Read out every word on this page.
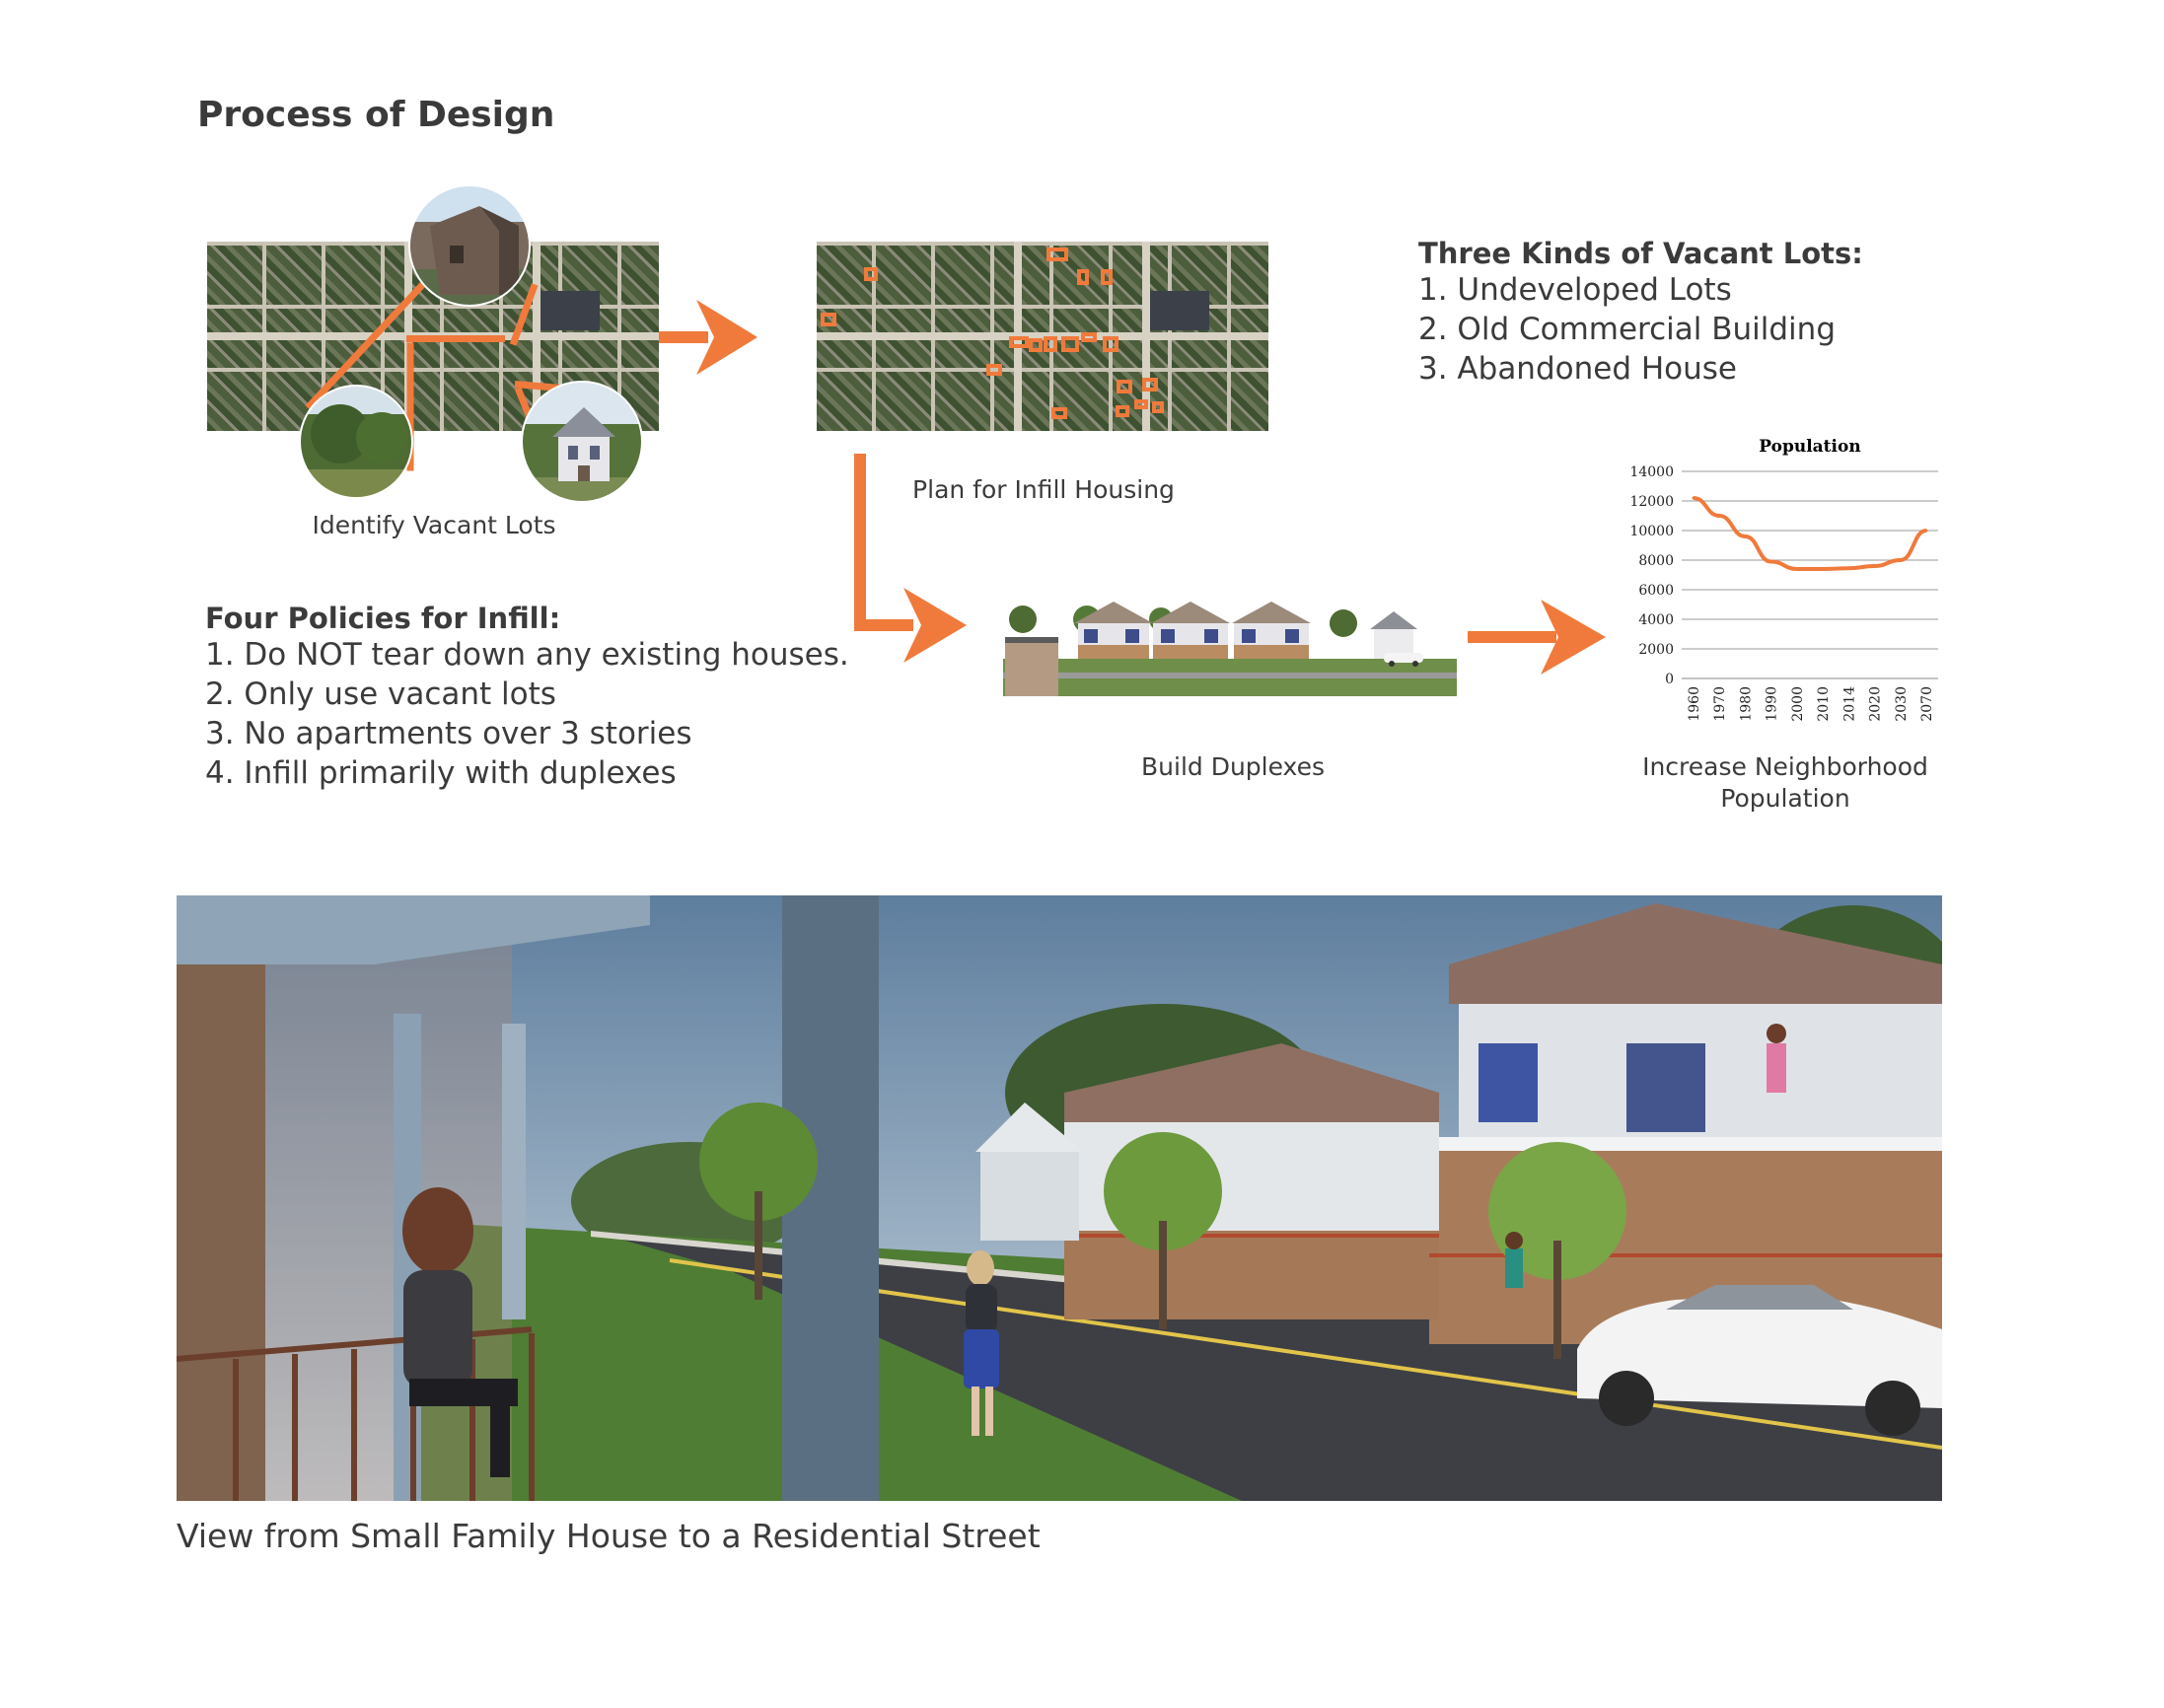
Process of Design
Identify Vacant Lots
Plan for Infill Housing
Build Duplexes
Population
0
2000
4000
6000
8000
10000
12000
14000
1960 1970 1980 1990 2000 2010 2014 2020 2030 2070
Increase Neighborhood
Population
Three Kinds of Vacant Lots:
1. Undeveloped Lots
2. Old Commercial Building
3. Abandoned House
Four Policies for Infill:
1. Do NOT tear down any existing houses.
2. Only use vacant lots
3. No apartments over 3 stories
4. Infill primarily with duplexes
View from Small Family House to a Residential Street
